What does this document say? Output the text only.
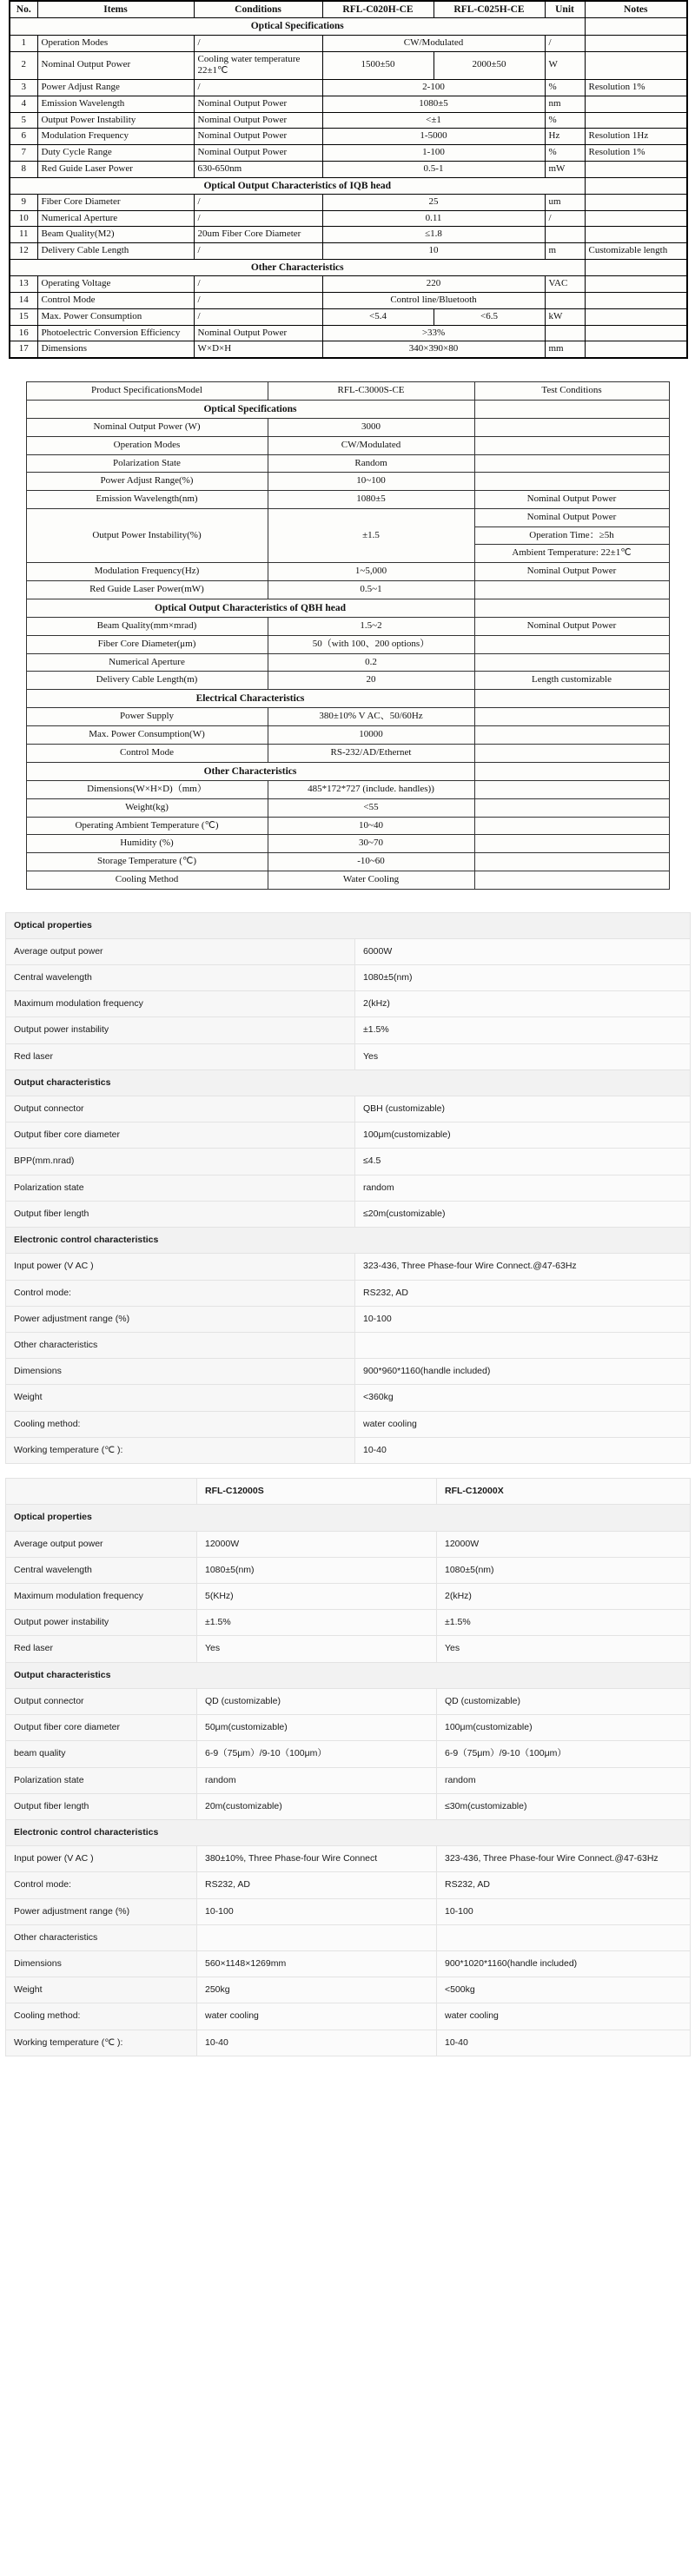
No.	Items	Conditions	RFL-C020H-CE	RFL-C025H-CE	Unit	Notes
Optical Specifications						
1	Operation Modes	/	CW/Modulated		/	
2	Nominal Output Power	Cooling water temperature 22±1℃	1500±50	2000±50	W	
3	Power Adjust Range	/	2-100		%	Resolution 1%
4	Emission Wavelength	Nominal Output Power	1080±5		nm	
5	Output Power Instability	Nominal Output Power	<±1		%	
6	Modulation Frequency	Nominal Output Power	1-5000		Hz	Resolution 1Hz
7	Duty Cycle Range	Nominal Output Power	1-100		%	Resolution 1%
8	Red Guide Laser Power	630-650nm	0.5-1		mW	
Optical Output Characteristics of IQB head						
9	Fiber Core Diameter	/	25		um	
10	Numerical Aperture	/	0.11		/	
11	Beam Quality(M2)	20um Fiber Core Diameter	≤1.8			
12	Delivery Cable Length	/	10		m	Customizable length
Other Characteristics						
13	Operating Voltage	/	220		VAC	
14	Control Mode	/	Control line/Bluetooth			
15	Max. Power Consumption	/	<5.4	<6.5	kW	
16	Photoelectric Conversion Efficiency	Nominal Output Power	>33%			
17	Dimensions	W×D×H	340×390×80		mm	
Product SpecificationsModel	RFL-C3000S-CE	Test Conditions
Optical Specifications		
Nominal Output Power (W)	3000	
Operation Modes	CW/Modulated	
Polarization State	Random	
Power Adjust Range(%)	10~100	
Emission Wavelength(nm)	1080±5	Nominal Output Power
Output Power Instability(%)	±1.5	Nominal Output Power
		Operation Time：≥5h
		Ambient Temperature: 22±1℃
Modulation Frequency(Hz)	1~5,000	Nominal Output Power
Red Guide Laser Power(mW)	0.5~1	
Optical Output Characteristics of QBH head		
Beam Quality(mm×mrad)	1.5~2	Nominal Output Power
Fiber Core Diameter(μm)	50（with 100、200 options）	
Numerical Aperture	0.2	
Delivery Cable Length(m)	20	Length customizable
Electrical Characteristics		
Power Supply	380±10% V AC、50/60Hz	
Max. Power Consumption(W)	10000	
Control Mode	RS-232/AD/Ethernet	
Other Characteristics		
Dimensions(W×H×D)（mm）	485*172*727 (include. handles))	
Weight(kg)	<55	
Operating Ambient Temperature (℃)	10~40	
Humidity (%)	30~70	
Storage Temperature (℃)	-10~60	
Cooling Method	Water Cooling	
Optical properties	
Average output power	6000W
Central wavelength	1080±5(nm)
Maximum modulation frequency	2(kHz)
Output power instability	±1.5%
Red laser	Yes
Output characteristics	
Output connector	QBH (customizable)
Output fiber core diameter	100μm(customizable)
BPP(mm.nrad)	≤4.5
Polarization state	random
Output fiber length	≤20m(customizable)
Electronic control characteristics	
Input power (V AC )	323-436, Three Phase-four Wire Connect.@47-63Hz
Control mode:	RS232, AD
Power adjustment range (%)	10-100
Other characteristics	
Dimensions	900*960*1160(handle included)
Weight	<360kg
Cooling method:	water cooling
Working temperature (℃ ):	10-40
	RFL-C12000S	RFL-C12000X
Optical properties		
Average output power	12000W	12000W
Central wavelength	1080±5(nm)	1080±5(nm)
Maximum modulation frequency	5(KHz)	2(kHz)
Output power instability	±1.5%	±1.5%
Red laser	Yes	Yes
Output characteristics		
Output connector	QD (customizable)	QD (customizable)
Output fiber core diameter	50μm(customizable)	100μm(customizable)
beam quality	6-9（75μm）/9-10（100μm）	6-9（75μm）/9-10（100μm）
Polarization state	random	random
Output fiber length	20m(customizable)	≤30m(customizable)
Electronic control characteristics		
Input power (V AC )	380±10%, Three Phase-four Wire Connect	323-436, Three Phase-four Wire Connect.@47-63Hz
Control mode:	RS232, AD	RS232, AD
Power adjustment range (%)	10-100	10-100
Other characteristics		
Dimensions	560×1148×1269mm	900*1020*1160(handle included)
Weight	250kg	<500kg
Cooling method:	water cooling	water cooling
Working temperature (℃ ):	10-40	10-40
